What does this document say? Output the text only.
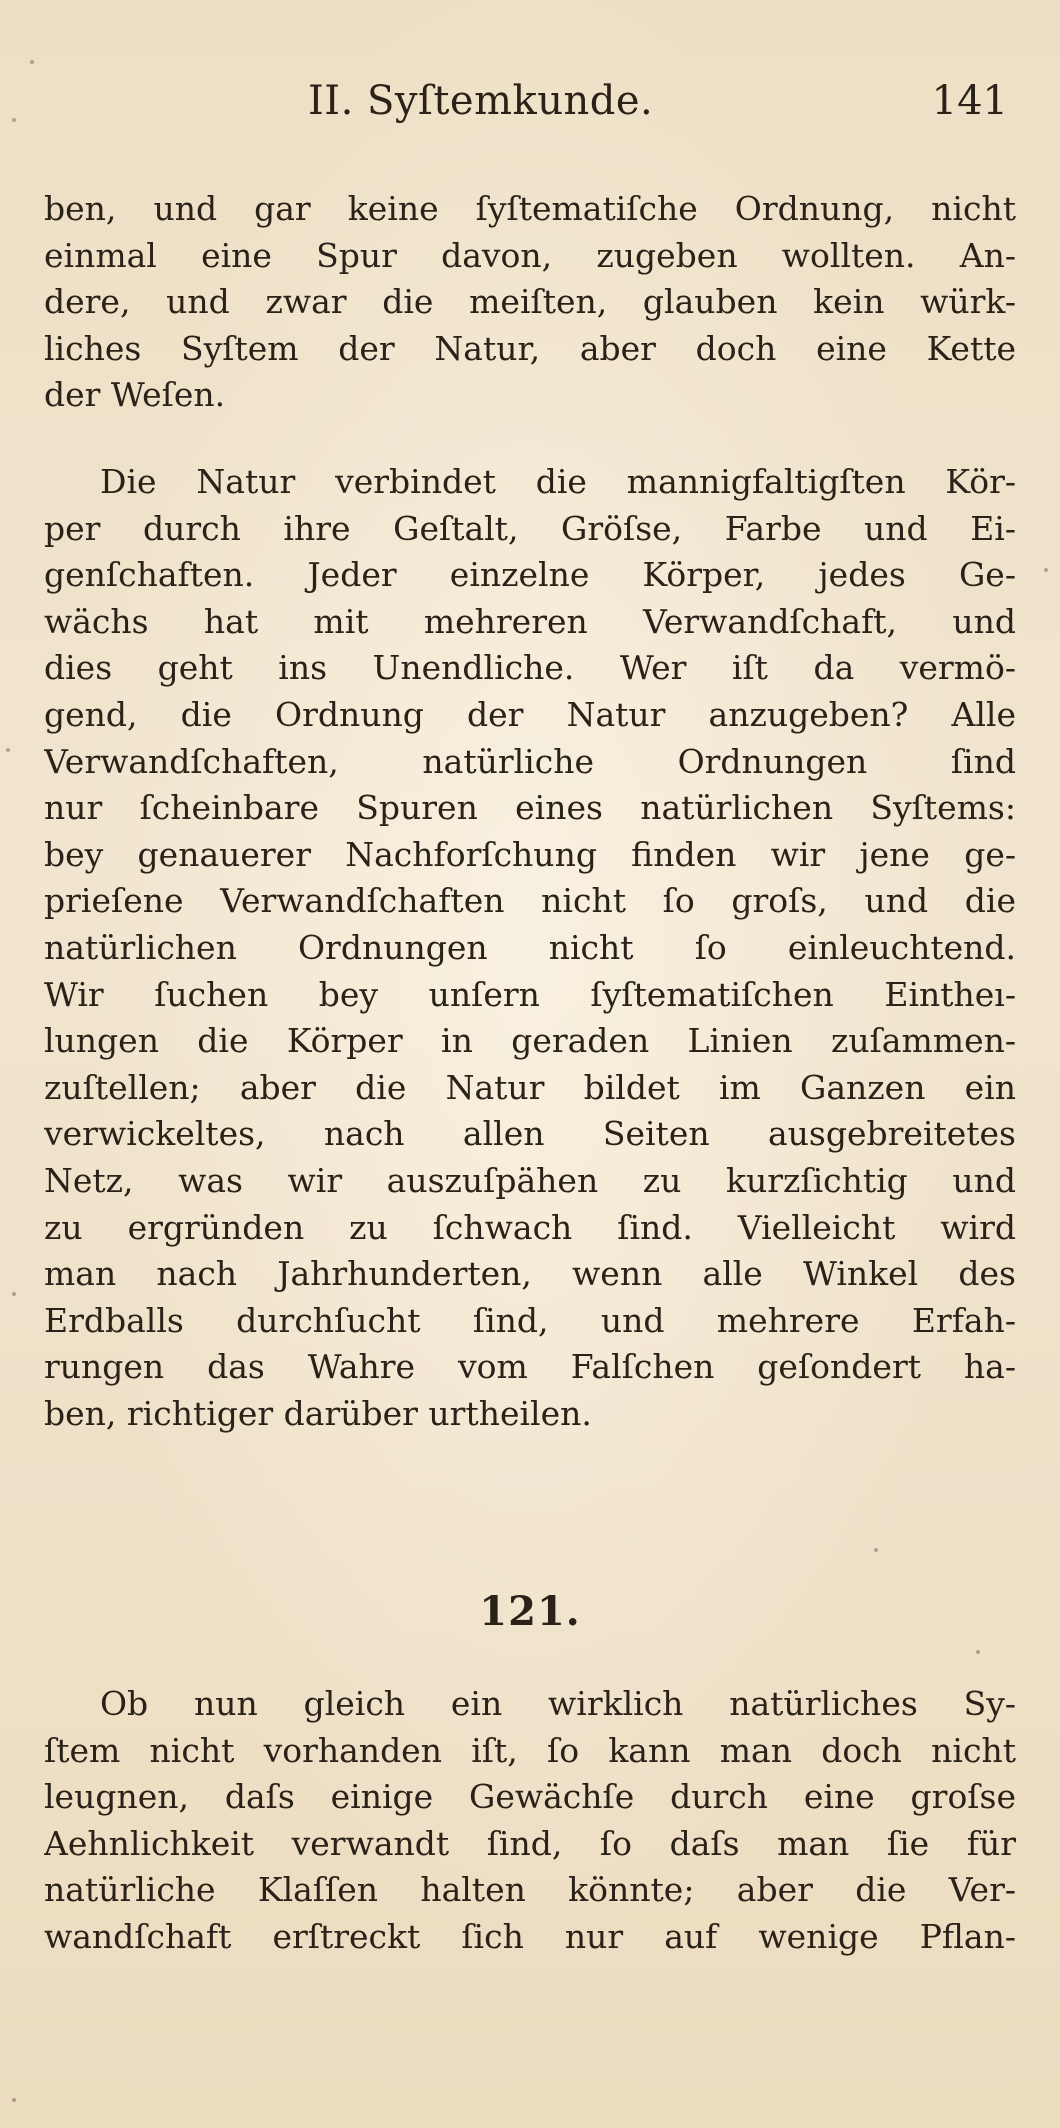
II. Syſtemkunde.	141
ben, und gar keine ſyſtematiſche Ordnung, nicht
einmal eine Spur davon, zugeben wollten. An-
dere, und zwar die meiſten, glauben kein würk-
liches Syſtem der Natur, aber doch eine Kette
der Weſen.
Die Natur verbindet die mannigfaltigſten Kör-
per durch ihre Geſtalt, Gröſse, Farbe und Ei-
genſchaften. Jeder einzelne Körper, jedes Ge-
wächs hat mit mehreren Verwandſchaft, und
dies geht ins Unendliche. Wer iſt da vermö-
gend, die Ordnung der Natur anzugeben? Alle
Verwandſchaften, natürliche Ordnungen ſind
nur ſcheinbare Spuren eines natürlichen Syſtems:
bey genauerer Nachforſchung finden wir jene ge-
prieſene Verwandſchaften nicht ſo groſs, und die
natürlichen Ordnungen nicht ſo einleuchtend.
Wir ſuchen bey unſern ſyſtematiſchen Eintheı-
lungen die Körper in geraden Linien zuſammen-
zuſtellen; aber die Natur bildet im Ganzen ein
verwickeltes, nach allen Seiten ausgebreitetes
Netz, was wir auszuſpähen zu kurzſichtig und
zu ergründen zu ſchwach ſind. Vielleicht wird
man nach Jahrhunderten, wenn alle Winkel des
Erdballs durchſucht ſind, und mehrere Erfah-
rungen das Wahre vom Falſchen geſondert ha-
ben, richtiger darüber urtheilen.
121.
Ob nun gleich ein wirklich natürliches Sy-
ſtem nicht vorhanden iſt, ſo kann man doch nicht
leugnen, daſs einige Gewächſe durch eine groſse
Aehnlichkeit verwandt ſind, ſo daſs man ſie für
natürliche Klaſſen halten könnte; aber die Ver-
wandſchaft erſtreckt ſich nur auf wenige Pflan-
